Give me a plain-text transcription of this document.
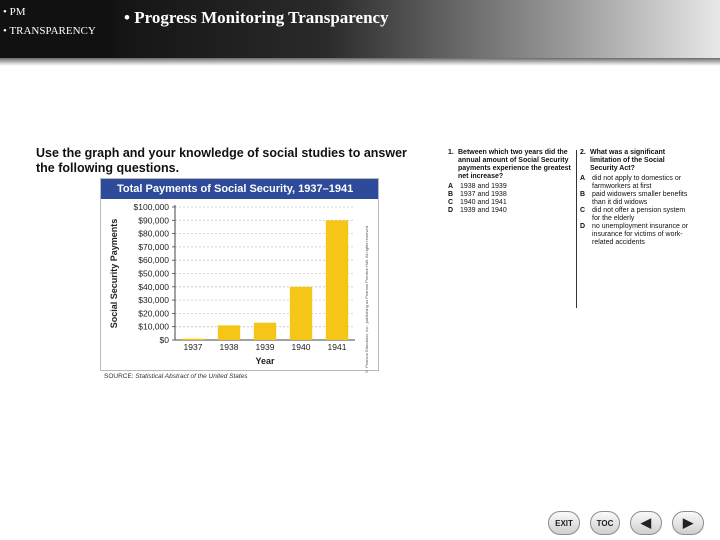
• PM
• TRANSPARENCY
• Progress Monitoring Transparency
Use the graph and your knowledge of social studies to answer the following questions.
Total Payments of Social Security, 1937–1941
$0
$10,000
$20,000
$30,000
$40,000
$50,000
$60,000
$70,000
$80,000
$90,000
$100,000
1937 1938 1939 1940 1941
Year
Social Security Payments	© Pearson Education, Inc., publishing as Pearson Prentice Hall. All rights reserved.
SOURCE: Statistical Abstract of the United States
1. Between which two years did the annual amount of Social Security payments experience the greatest net increase?
A 1938 and 1939
B 1937 and 1938
C 1940 and 1941
D 1939 and 1940
2. What was a significant limitation of the Social Security Act?
A did not apply to domestics or farmworkers at first
B paid widowers smaller benefits than it did widows
C did not offer a pension system for the elderly
D no unemployment insurance or insurance for victims of work-related accidents
EXIT	TOC	◀ ▶
